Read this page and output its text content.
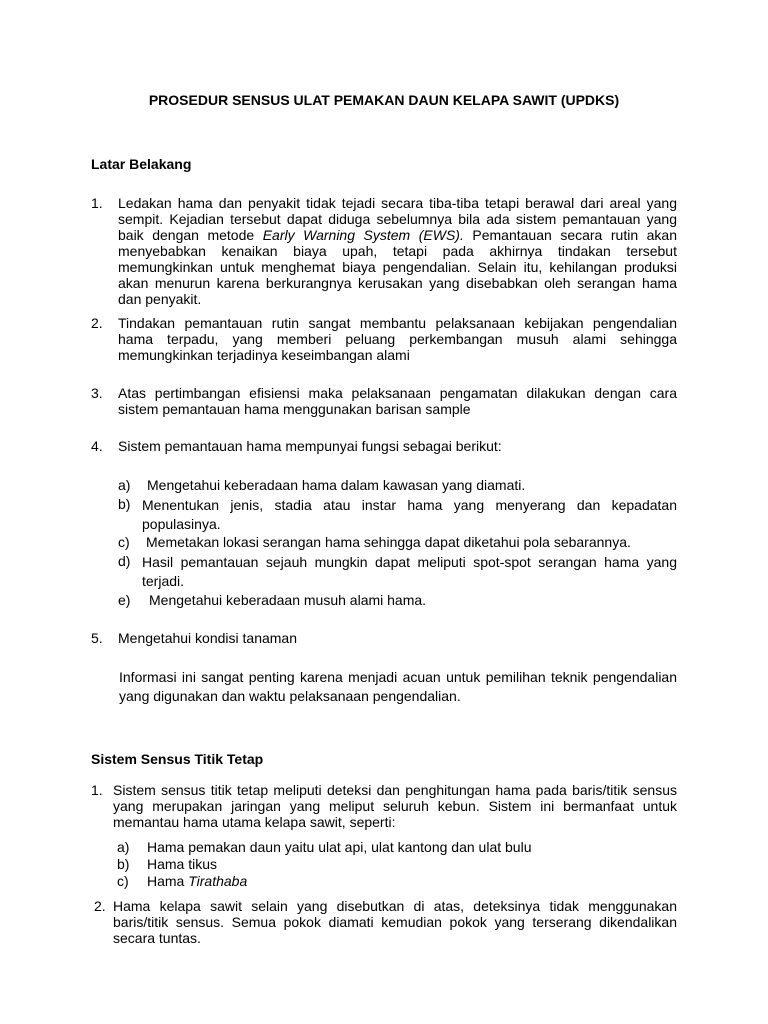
PROSEDUR SENSUS ULAT PEMAKAN DAUN KELAPA SAWIT (UPDKS)
Latar Belakang
1. Ledakan hama dan penyakit tidak tejadi secara tiba-tiba tetapi berawal dari areal yang sempit. Kejadian tersebut dapat diduga sebelumnya bila ada sistem pemantauan yang baik dengan metode Early Warning System (EWS). Pemantauan secara rutin akan menyebabkan kenaikan biaya upah, tetapi pada akhirnya tindakan tersebut memungkinkan untuk menghemat biaya pengendalian. Selain itu, kehilangan produksi akan menurun karena berkurangnya kerusakan yang disebabkan oleh serangan hama dan penyakit.
2. Tindakan pemantauan rutin sangat membantu pelaksanaan kebijakan pengendalian hama terpadu, yang memberi peluang perkembangan musuh alami sehingga memungkinkan terjadinya keseimbangan alami
3. Atas pertimbangan efisiensi maka pelaksanaan pengamatan dilakukan dengan cara sistem pemantauan hama menggunakan barisan sample
4. Sistem pemantauan hama mempunyai fungsi sebagai berikut:
a) Mengetahui keberadaan hama dalam kawasan yang diamati.
b) Menentukan jenis, stadia atau instar hama yang menyerang dan kepadatan populasinya.
c) Memetakan lokasi serangan hama sehingga dapat diketahui pola sebarannya.
d) Hasil pemantauan sejauh mungkin dapat meliputi spot-spot serangan hama yang terjadi.
e) Mengetahui keberadaan musuh alami hama.
5. Mengetahui kondisi tanaman
Informasi ini sangat penting karena menjadi acuan untuk pemilihan teknik pengendalian yang digunakan dan waktu pelaksanaan pengendalian.
Sistem Sensus Titik Tetap
1. Sistem sensus titik tetap meliputi deteksi dan penghitungan hama pada baris/titik sensus yang merupakan jaringan yang meliput seluruh kebun. Sistem ini bermanfaat untuk memantau hama utama kelapa sawit, seperti:
a) Hama pemakan daun yaitu ulat api, ulat kantong dan ulat bulu
b) Hama tikus
c) Hama Tirathaba
2. Hama kelapa sawit selain yang disebutkan di atas, deteksinya tidak menggunakan baris/titik sensus. Semua pokok diamati kemudian pokok yang terserang dikendalikan secara tuntas.
